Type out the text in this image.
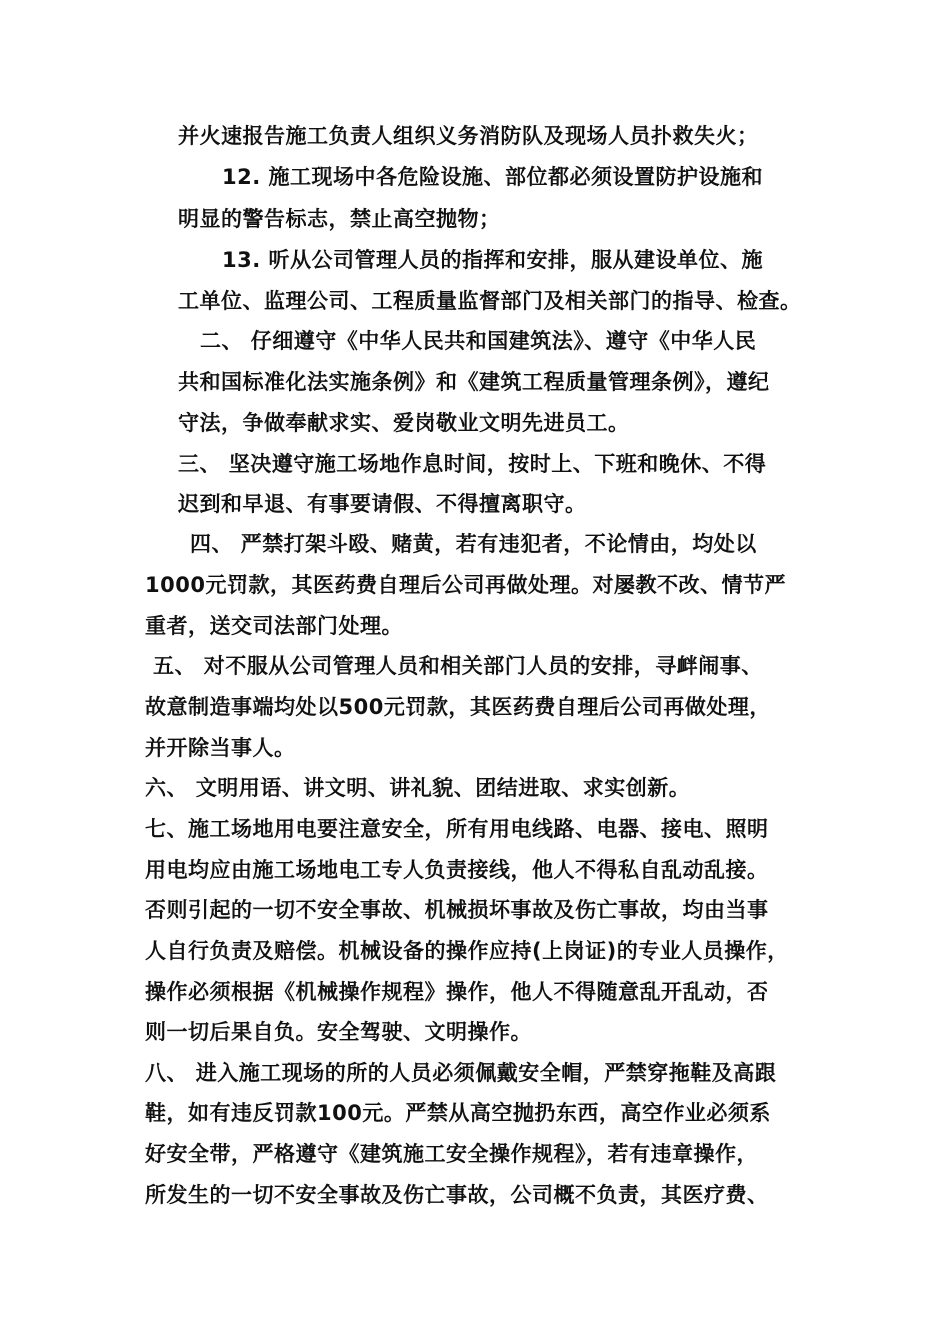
并火速报告施工负责人组织义务消防队及现场人员扑救失火；
12. 施工现场中各危险设施、部位都必须设置防护设施和
明显的警告标志，禁止高空抛物；
13. 听从公司管理人员的指挥和安排，服从建设单位、施
工单位、监理公司、工程质量监督部门及相关部门的指导、检查。
二、 仔细遵守《中华人民共和国建筑法》、遵守《中华人民
共和国标准化法实施条例》和《建筑工程质量管理条例》，遵纪
守法，争做奉献求实、爱岗敬业文明先进员工。
三、 坚决遵守施工场地作息时间，按时上、下班和晚休、不得
迟到和早退、有事要请假、不得擅离职守。
四、 严禁打架斗殴、赌黄，若有违犯者，不论情由，均处以
1000元罚款，其医药费自理后公司再做处理。对屡教不改、情节严
重者，送交司法部门处理。
五、 对不服从公司管理人员和相关部门人员的安排，寻衅闹事、
故意制造事端均处以500元罚款，其医药费自理后公司再做处理，
并开除当事人。
六、 文明用语、讲文明、讲礼貌、团结进取、求实创新。
七、施工场地用电要注意安全，所有用电线路、电器、接电、照明
用电均应由施工场地电工专人负责接线，他人不得私自乱动乱接。
否则引起的一切不安全事故、机械损坏事故及伤亡事故，均由当事
人自行负责及赔偿。机械设备的操作应持(上岗证)的专业人员操作，
操作必须根据《机械操作规程》操作，他人不得随意乱开乱动，否
则一切后果自负。安全驾驶、文明操作。
八、 进入施工现场的所的人员必须佩戴安全帽，严禁穿拖鞋及高跟
鞋，如有违反罚款100元。严禁从高空抛扔东西，高空作业必须系
好安全带，严格遵守《建筑施工安全操作规程》，若有违章操作，
所发生的一切不安全事故及伤亡事故，公司概不负责，其医疗费、
